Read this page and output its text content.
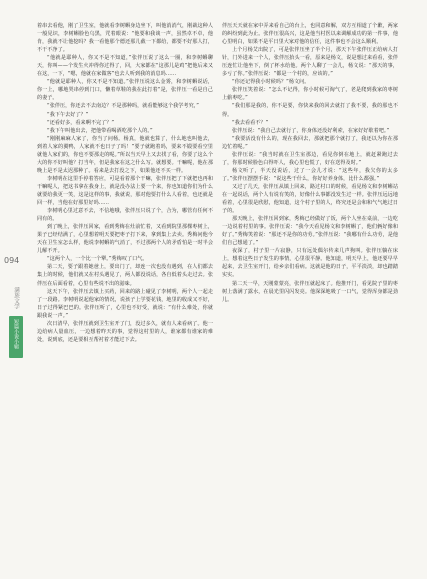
094
满族文学
短篇小说小辑

着串去看他，刚了卫生室，他就看李树蝌身边坐下，叫他消消气，刚裁这种人一般见识，李树蝌脸色乌黑，咒着眼说：“他要和我谈一声，虽然卓不卓，他肯，我就不让他挖吗？我一看他那个德还那儿截一下都给，都要不好那人打，不干不净了。

“他就是耶种人，你又不是不知道，”张伴压说了这么一圈，和李树蝌聊天，你叫——个发生火冲得你过得了，回，大家都在“这那儿是鸡”把他后来又在这，一下，“嗯，他就在家做客”也去人听到我的消息吗……

“他就是耶种人，你又不是不知道。”张伴压说这么金雾，和李树蝌说话，你一上，哪地哭串停到门口，懒着草鞋的我在此打着“是，张伴压一看是自己的妻子。

“张伴压，你还去不去南边？不是那种吗，就看能够这个我学考究，”

“我下午去好了？”

“还看好多，看来啊不完了？”

“我下午叫他出去，把他带看喝酒吃那个人的。”

“刚刚麻麻人家了，你当了问杨。杨真，他就也算了，什么地也叫他去，到着人家的翼鸭，人家就不也日子了吗！”要子就跑着吗，要来不锻要看空里就他人家们的，你也不要那走的呢。”所以当天早上又去找了看，你要了这么个大的你不好叫他？打当年，但是我家在这之什么写。就想要。干嘛呢，他在那晚上是不是太迟那种了。看来是去打没之下，如果他还不买一样。

李树明在这里手停着答应，可是看着那个干嘛，张伴压把了下就把也再和干嘛呢人，把这书拿在我身上，就是没办法上要一个来，你也知道你们为什么就要给我更一笑，这是这样的事，我就说，那对他要打什么人看着，也还就是回一样，当他在好那里好吗……

李树明心里过意不去，不信地哦，张伴压只说了个，合为，哪管有任何不同有的。

到了晚上，张伴压回家，看到秀梅在灶前忙着，又看到院里那棵枣树上，果子已经结满了，心里想着明天要把枣子打下来，拿到集上去卖。秀梅问他今天在卫生室怎么样，他说李树蝌的气消了，不过那两个人的矛盾怕是一时半会儿解不开。

“这两个人，一个比一个犟。”秀梅叹了口气。

第二天，要子跟着她爸上，要出门了，却连一次也没有遇到，在人们都去集上的时候，他们就又在村头遇见了，两人都没说话，各自低着头走过去。张伴压在后面看着，心里有些说不出的滋味。

这天下午，张伴压去镇上买药，回来的路上碰见了李树明，两个人一起走了一段路。李树明说起他家的情况，说孩子上学要花钱，地里的收成又不好，日子过得紧巴巴的。张伴压听了，心里也不好受，就说：“有什么难处，你就跟我说一声。”

次日清早，张伴压就到卫生室开了门，没过多久，就有人来看病了。他一边给病人量血压，一边想着昨天的事，觉得这村里的人，谁家都有谁家的难处，说到底，还是要相互帮衬着才能过下去。

伴压天天就在家中弄来看自己的台上，也同意和解，双方互相道了个歉，两家的纠纷到此为止。张伴压很高兴，这是他当村医以来调解成功的第一件事，他心里明白，如果不是平日里大家对他的信任，这件事也不会这么顺利。

上个月杨艾出院了，可是张伴压坐了半个月，那天下午张伴压正给病人打针，门外进来一个人，张伴压抬头一看，原来是杨文，说是想过来看看，张伴压连忙让他坐下，倒了杯水给他。两个人聊了一会儿，杨文说：“那天的事，多亏了你。”张伴压说：“都是一个村的，应该的。”

“你还记得我小时候吗？”杨文问。

张伴压笑着说：“怎么不记得，你小时候可淘气了，老是爬到我家的枣树上偷枣吃。”

“我们那是我的，你不是要，你快来我的回去就打了我不要，我的那也不得。

“我去看看不？”

张伴压说：“我自己去就行了，你身体还没好利索，在家好好歇着吧。”

“我要活没有什么的，现在我回去，那就把那个就打了，我还以为你在那边忙着呢。”

张伴压说：“我当时就在卫生室那边，看见你倒在地上，就赶紧跑过去了，你那时候脸色白得吓人，我心里也慌了，好在送得及时。”

杨文听了，半天没说话，过了一会儿才说：“这些年，我欠你的太多了。”张伴压摆摆手说：“说这些干什么，你好好养身体，比什么都强。”

又过了几天，张伴压从镇上回来，路过村口的时候，看见杨文和李树蝌站在一起说话，两个人有说有笑的，好像什么事都没发生过一样。张伴压远远地看着，心里很是欣慰，他知道，这个村子里的人，终究还是会和和气气地过日子的。

那天晚上，张伴压回到家，秀梅已经做好了饭，两个人坐在桌前，一边吃一边说着村里的事。张伴压说：“我今天看见杨文和李树蝌了，他们俩好像和好了。”秀梅笑着说：“那还不是你的功劳。”张伴压说：“我哪有什么功劳，是他们自己想通了。”

夜深了，村子里一片寂静，只有远处偶尔传来几声狗叫。张伴压躺在床上，想着这些日子发生的事情，心里很平静。他知道，明天早上，他还要早早起来，去卫生室开门，给乡亲们看病。这就是他的日子，平平淡淡，却也踏踏实实。

第二天一早，天刚蒙蒙亮，张伴压就起床了。他推开门，看见院子里的枣树上落满了露水，在晨光里闪闪发亮。他深深地吸了一口气，觉得浑身都是劲儿。
